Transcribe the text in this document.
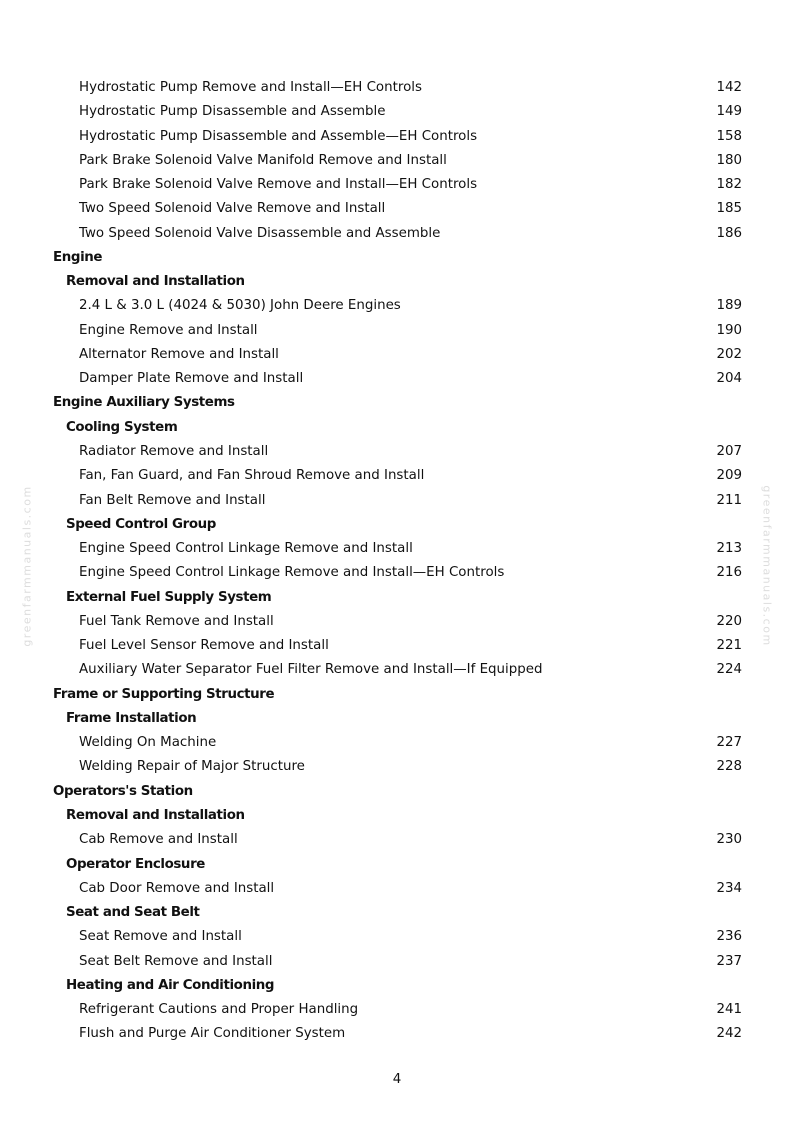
Hydrostatic Pump Remove and Install—EH Controls	142
Hydrostatic Pump Disassemble and Assemble	149
Hydrostatic Pump Disassemble and Assemble—EH Controls	158
Park Brake Solenoid Valve Manifold Remove and Install	180
Park Brake Solenoid Valve Remove and Install—EH Controls	182
Two Speed Solenoid Valve Remove and Install	185
Two Speed Solenoid Valve Disassemble and Assemble	186
Engine
Removal and Installation
2.4 L & 3.0 L (4024 & 5030) John Deere Engines	189
Engine Remove and Install	190
Alternator Remove and Install	202
Damper Plate Remove and Install	204
Engine Auxiliary Systems
Cooling System
Radiator Remove and Install	207
Fan, Fan Guard, and Fan Shroud Remove and Install	209
Fan Belt Remove and Install	211
Speed Control Group
Engine Speed Control Linkage Remove and Install	213
Engine Speed Control Linkage Remove and Install—EH Controls	216
External Fuel Supply System
Fuel Tank Remove and Install	220
Fuel Level Sensor Remove and Install	221
Auxiliary Water Separator Fuel Filter Remove and Install—If Equipped	224
Frame or Supporting Structure
Frame Installation
Welding On Machine	227
Welding Repair of Major Structure	228
Operators's Station
Removal and Installation
Cab Remove and Install	230
Operator Enclosure
Cab Door Remove and Install	234
Seat and Seat Belt
Seat Remove and Install	236
Seat Belt Remove and Install	237
Heating and Air Conditioning
Refrigerant Cautions and Proper Handling	241
Flush and Purge Air Conditioner System	242
greenfarmmanuals.com	greenfarmmanuals.com
4
